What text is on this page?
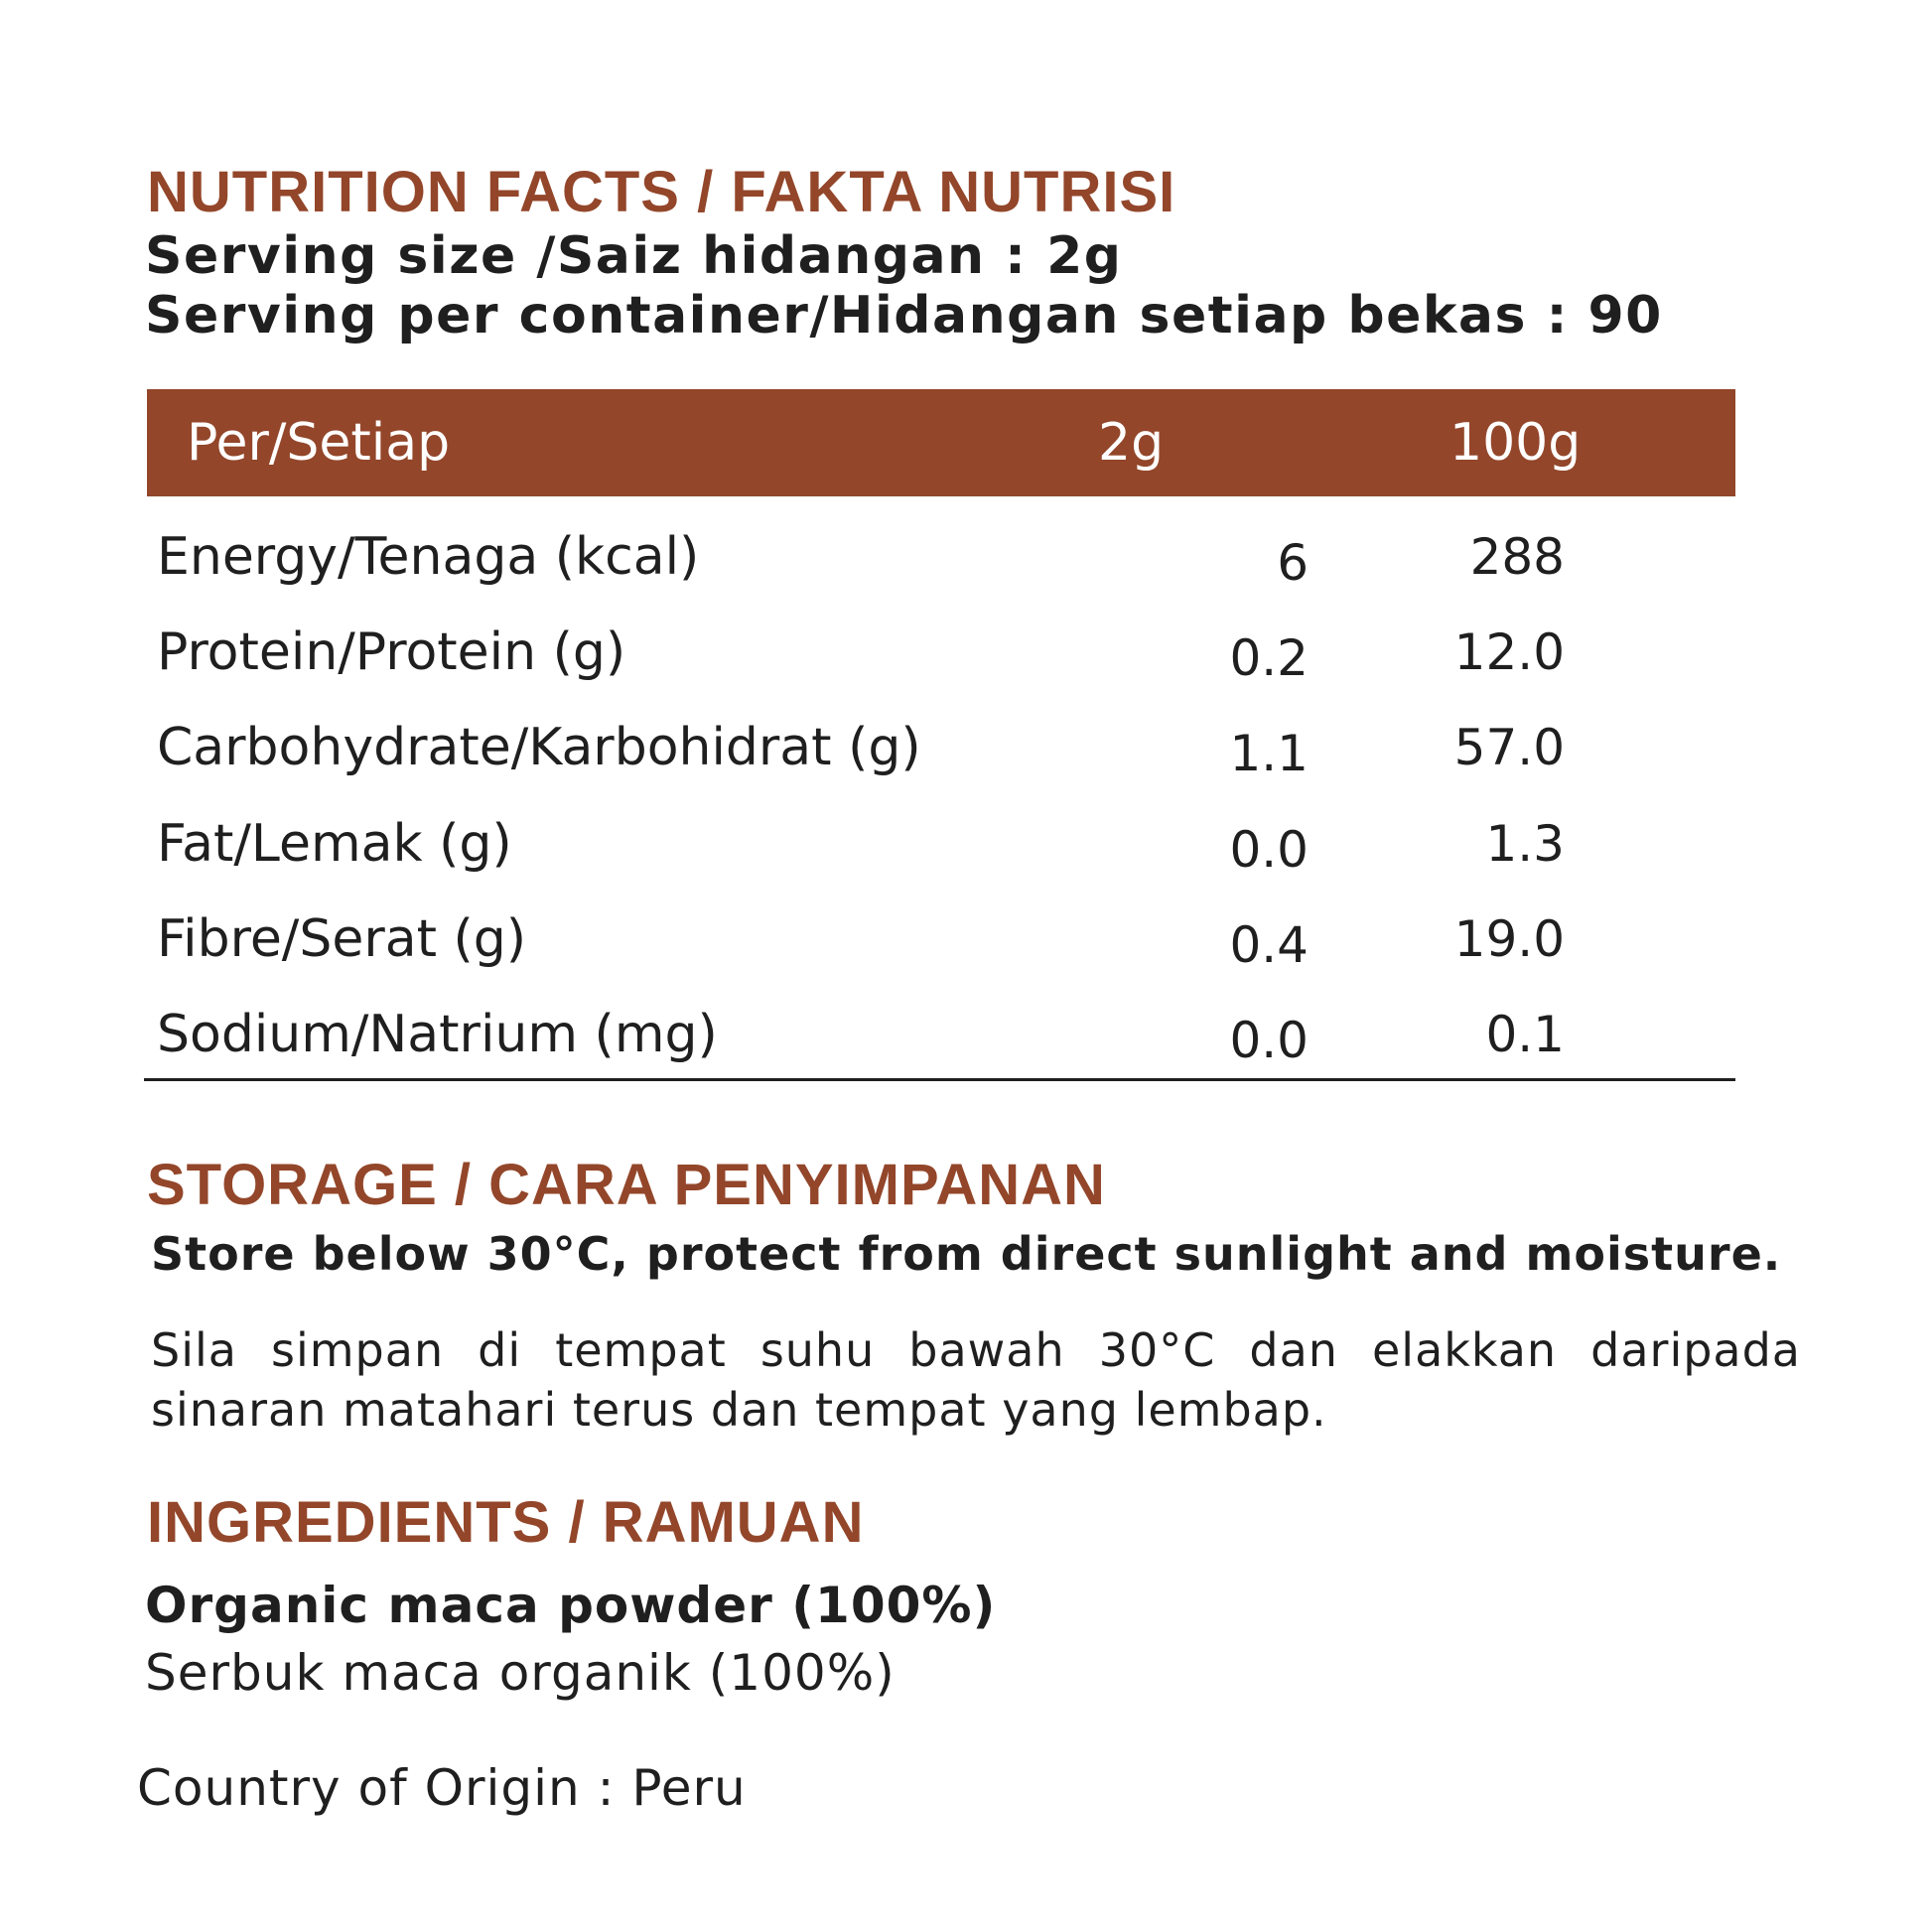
NUTRITION FACTS / FAKTA NUTRISI

Serving size /Saiz hidangan : 2g

Serving per container/Hidangan setiap bekas : 90

Per/Setiap	2g	100g
Energy/Tenaga (kcal)	6	288
Protein/Protein (g)	0.2	12.0
Carbohydrate/Karbohidrat (g)	1.1	57.0
Fat/Lemak (g)	0.0	1.3
Fibre/Serat (g)	0.4	19.0
Sodium/Natrium (mg)	0.0	0.1
STORAGE / CARA PENYIMPANAN

Store below 30°C, protect from direct sunlight and moisture.

Sila simpan di tempat suhu bawah 30°C dan elakkan daripada sinaran matahari terus dan tempat yang lembap.

INGREDIENTS / RAMUAN

Organic maca powder (100%)

Serbuk maca organik (100%)

Country of Origin : Peru
